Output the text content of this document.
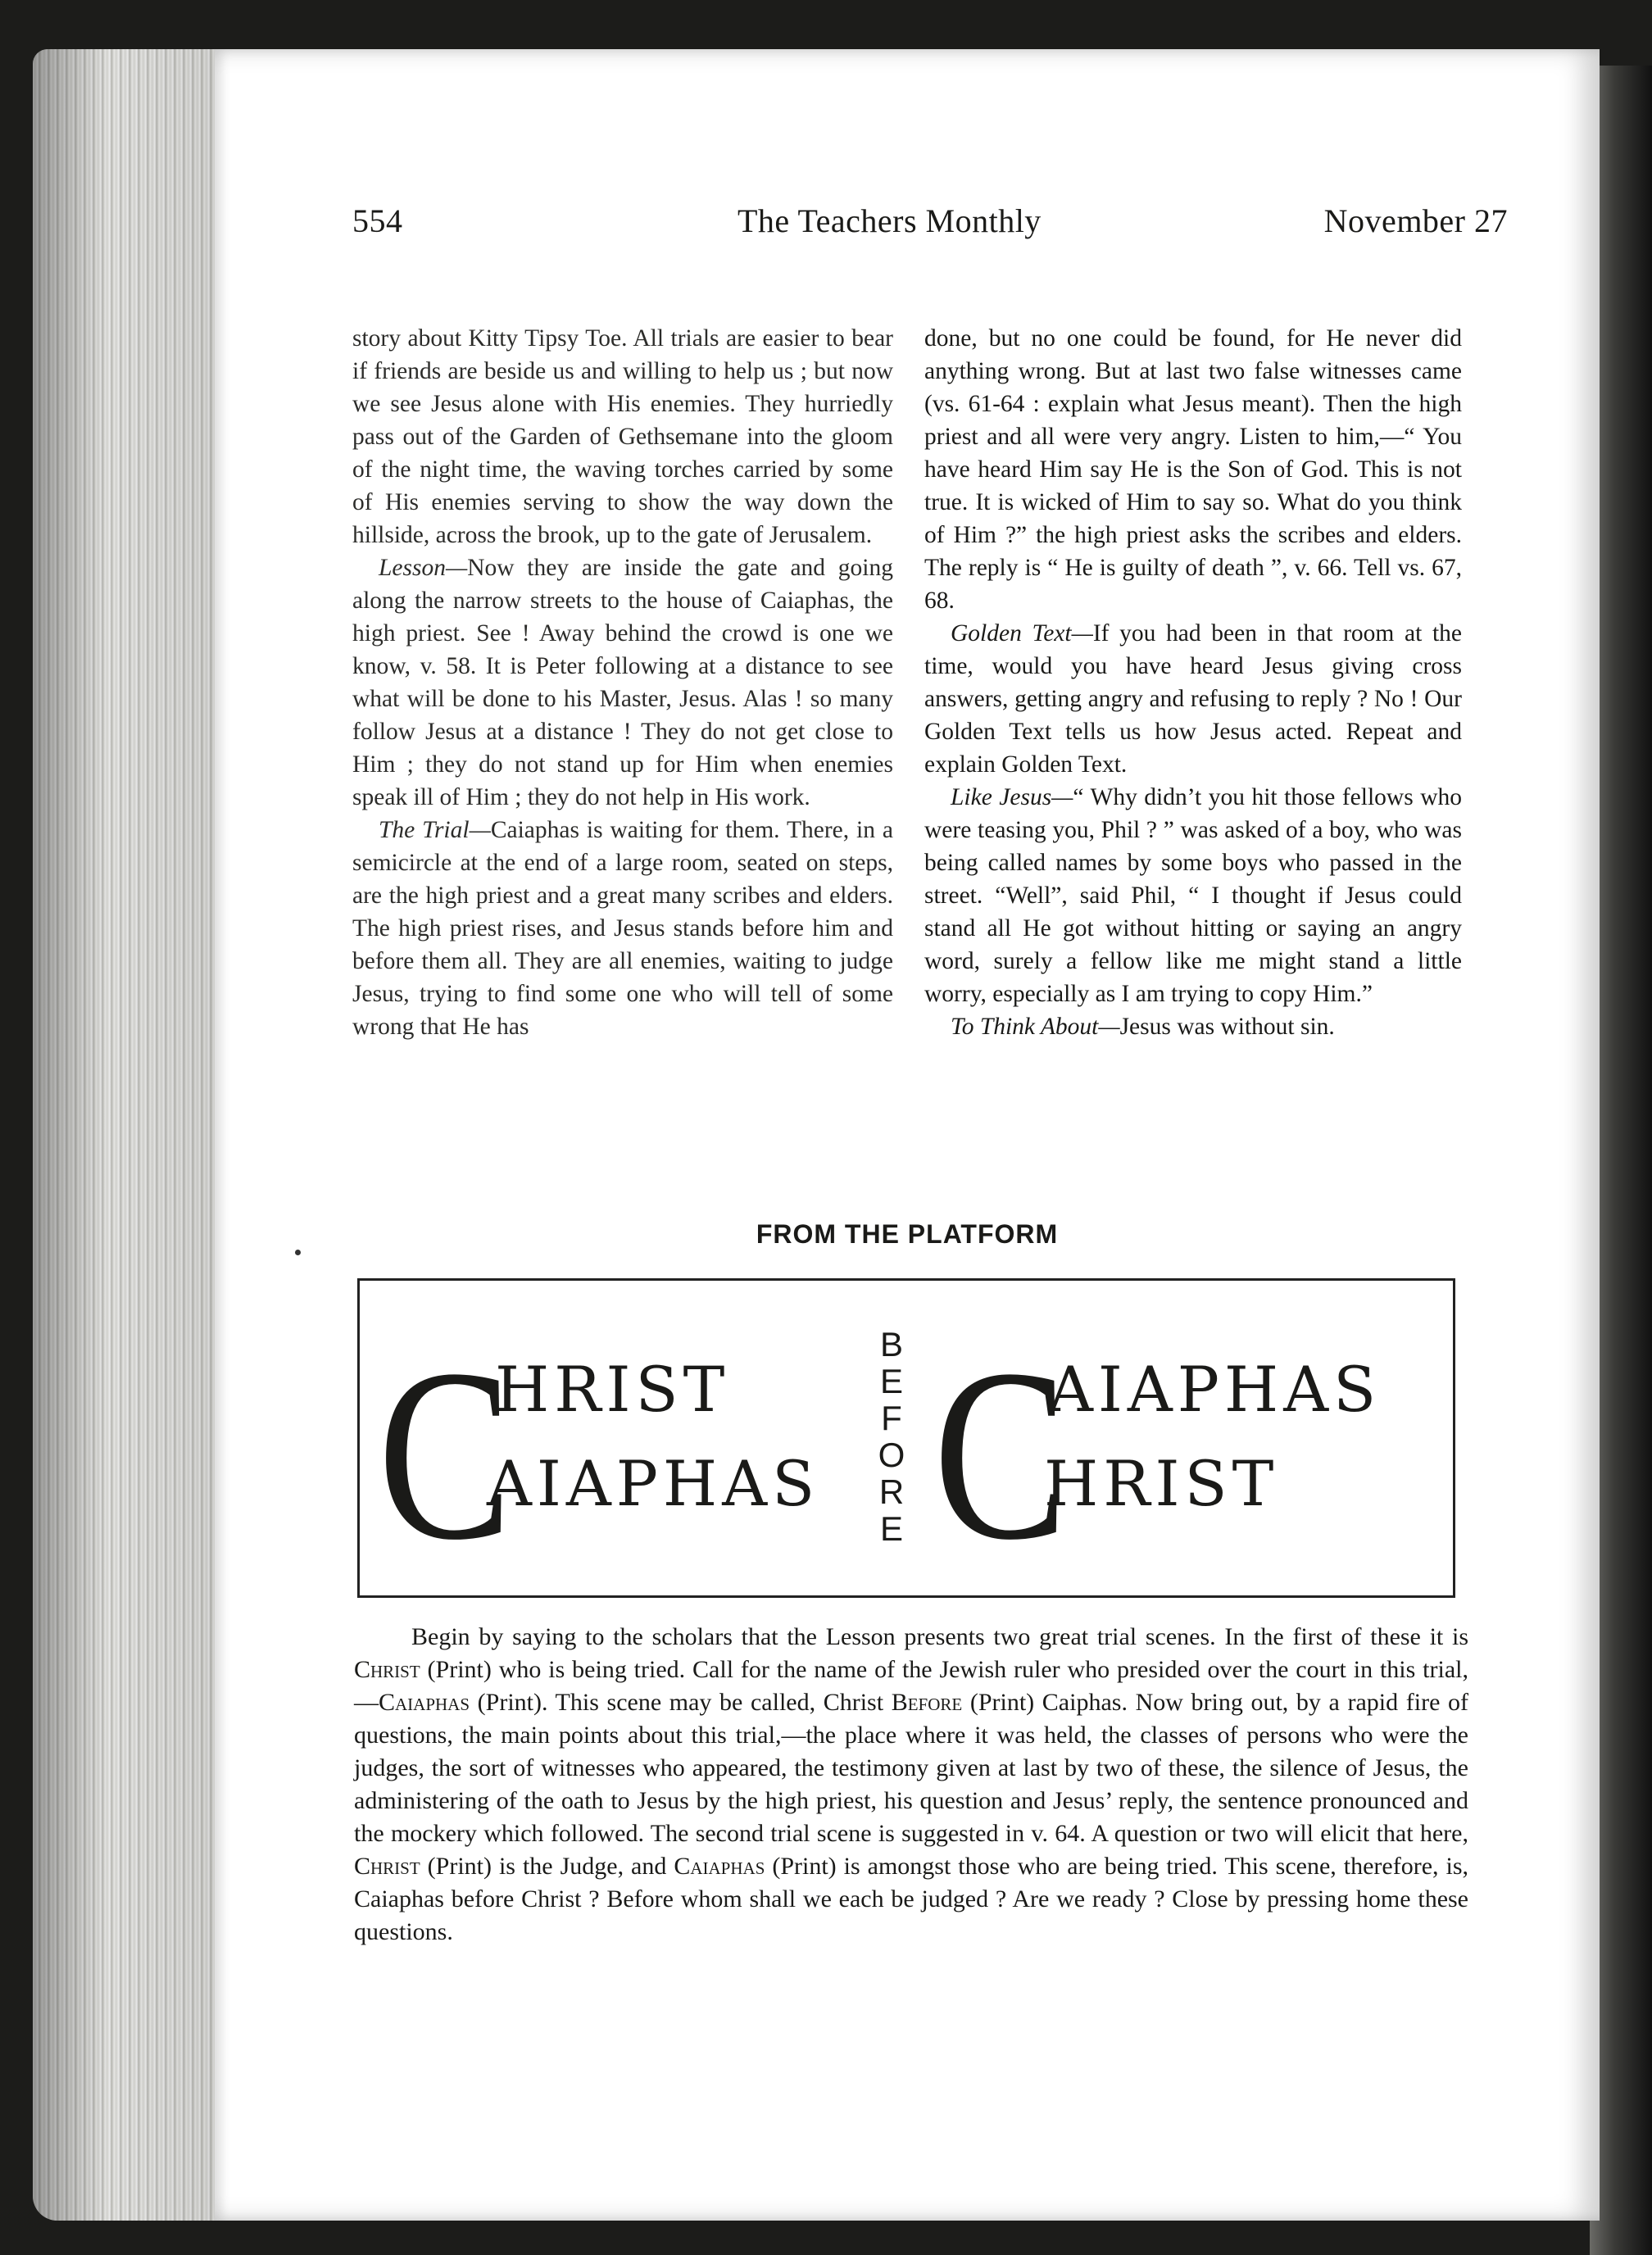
554	The Teachers Monthly	November 27

story about Kitty Tipsy Toe. All trials are easier to bear if friends are beside us and willing to help us ; but now we see Jesus alone with His enemies. They hurriedly pass out of the Garden of Gethsemane into the gloom of the night time, the waving torches carried by some of His enemies serving to show the way down the hillside, across the brook, up to the gate of Jerusalem.

Lesson—Now they are inside the gate and going along the narrow streets to the house of Caiaphas, the high priest. See ! Away behind the crowd is one we know, v. 58. It is Peter following at a distance to see what will be done to his Master, Jesus. Alas ! so many follow Jesus at a distance ! They do not get close to Him ; they do not stand up for Him when enemies speak ill of Him ; they do not help in His work.

The Trial—Caiaphas is waiting for them. There, in a semicircle at the end of a large room, seated on steps, are the high priest and a great many scribes and elders. The high priest rises, and Jesus stands before him and before them all. They are all enemies, waiting to judge Jesus, trying to find some one who will tell of some wrong that He has

done, but no one could be found, for He never did anything wrong. But at last two false witnesses came (vs. 61-64 : explain what Jesus meant). Then the high priest and all were very angry. Listen to him,—“ You have heard Him say He is the Son of God. This is not true. It is wicked of Him to say so. What do you think of Him ?” the high priest asks the scribes and elders. The reply is “ He is guilty of death ”, v. 66. Tell vs. 67, 68.

Golden Text—If you had been in that room at the time, would you have heard Jesus giving cross answers, getting angry and refusing to reply ? No ! Our Golden Text tells us how Jesus acted. Repeat and explain Golden Text.

Like Jesus—“ Why didn’t you hit those fellows who were teasing you, Phil ? ” was asked of a boy, who was being called names by some boys who passed in the street. “Well”, said Phil, “ I thought if Jesus could stand all He got without hitting or saying an angry word, surely a fellow like me might stand a little worry, especially as I am trying to copy Him.”

To Think About—Jesus was without sin.

FROM THE PLATFORM
C
HRIST
AIAPHAS
B
E
F
O
R
E C
AIAPHAS
HRIST

Begin by saying to the scholars that the Lesson presents two great trial scenes. In the first of these it is Christ (Print) who is being tried. Call for the name of the Jewish ruler who presided over the court in this trial,—Caiaphas (Print). This scene may be called, Christ Before (Print) Caiphas. Now bring out, by a rapid fire of questions, the main points about this trial,—the place where it was held, the classes of persons who were the judges, the sort of witnesses who appeared, the testimony given at last by two of these, the silence of Jesus, the administering of the oath to Jesus by the high priest, his question and Jesus’ reply, the sentence pronounced and the mockery which followed. The second trial scene is suggested in v. 64. A question or two will elicit that here, Christ (Print) is the Judge, and Caiaphas (Print) is amongst those who are being tried. This scene, therefore, is, Caiaphas before Christ ? Before whom shall we each be judged ? Are we ready ? Close by pressing home these questions.
